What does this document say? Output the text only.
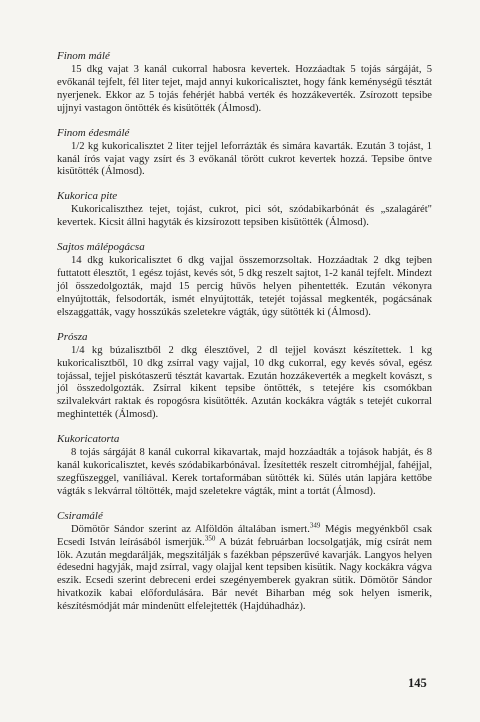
Finom málé

15 dkg vajat 3 kanál cukorral habosra kevertek. Hozzáadtak 5 tojás sárgáját, 5 evőkanál tejfelt, fél liter tejet, majd annyi kukoricalisztet, hogy fánk keménységű tésztát nyerjenek. Ekkor az 5 tojás fehérjét habbá verték és hozzákeverték. Zsírozott tepsibe ujjnyi vastagon öntötték és kisütötték (Álmosd).

Finom édesmálé

1/2 kg kukoricalisztet 2 liter tejjel leforrázták és simára kavarták. Ezután 3 tojást, 1 kanál írós vajat vagy zsírt és 3 evőkanál törött cukrot kevertek hozzá. Tepsibe öntve kisütötték (Álmosd).

Kukorica pite

Kukoricaliszthez tejet, tojást, cukrot, pici sót, szódabikarbónát és „szalagárét" kevertek. Kicsit állni hagyták és kizsírozott tepsiben kisütötték (Álmosd).

Sajtos málépogácsa

14 dkg kukoricalisztet 6 dkg vajjal összemorzsoltak. Hozzáadtak 2 dkg tejben futtatott élesztőt, 1 egész tojást, kevés sót, 5 dkg reszelt sajtot, 1-2 kanál tejfelt. Mindezt jól összedolgozták, majd 15 percig hűvös helyen pihentették. Ezután vékonyra elnyújtották, felsodorták, ismét elnyújtották, tetejét tojással megkenték, pogácsának elszaggatták, vagy hosszúkás szeletekre vágták, úgy sütötték ki (Álmosd).

Prósza

1/4 kg búzalisztből 2 dkg élesztővel, 2 dl tejjel kovászt készítettek. 1 kg kukoricalisztből, 10 dkg zsírral vagy vajjal, 10 dkg cukorral, egy kevés sóval, egész tojással, tejjel piskótaszerű tésztát kavartak. Ezután hozzákeverték a megkelt kovászt, s jól összedolgozták. Zsírral kikent tepsibe öntötték, s tetejére kis csomókban szilvalekvárt raktak és ropogósra kisütötték. Azután kockákra vágták s tetejét cukorral meghintették (Álmosd).

Kukoricatorta

8 tojás sárgáját 8 kanál cukorral kikavartak, majd hozzáadták a tojások habját, és 8 kanál kukoricalisztet, kevés szódabikarbónával. Ízesítették reszelt citromhéjjal, fahéjjal, szegfűszeggel, vaníliával. Kerek tortaformában sütötték ki. Sülés után lapjára kettőbe vágták s lekvárral töltötték, majd szeletekre vágták, mint a tortát (Álmosd).

Csiramálé

Dömötör Sándor szerint az Alföldön általában ismert.$^{349}$ Mégis megyénkből csak Ecsedi István leírásából ismerjük.$^{350}$ A búzát februárban locsolgatják, míg csírát nem lök. Azután megdarálják, megszitálják s fazékban pépszerűvé kavarják. Langyos helyen édesedni hagyják, majd zsírral, vagy olajjal kent tepsiben kisütik. Nagy kockákra vágva eszik. Ecsedi szerint debreceni erdei szegényemberek gyakran sütik. Dömötör Sándor hivatkozik kabai előfordulására. Bár nevét Biharban még sok helyen ismerik, készítésmódját már mindenütt elfelejtették (Hajdúhadház).

145
